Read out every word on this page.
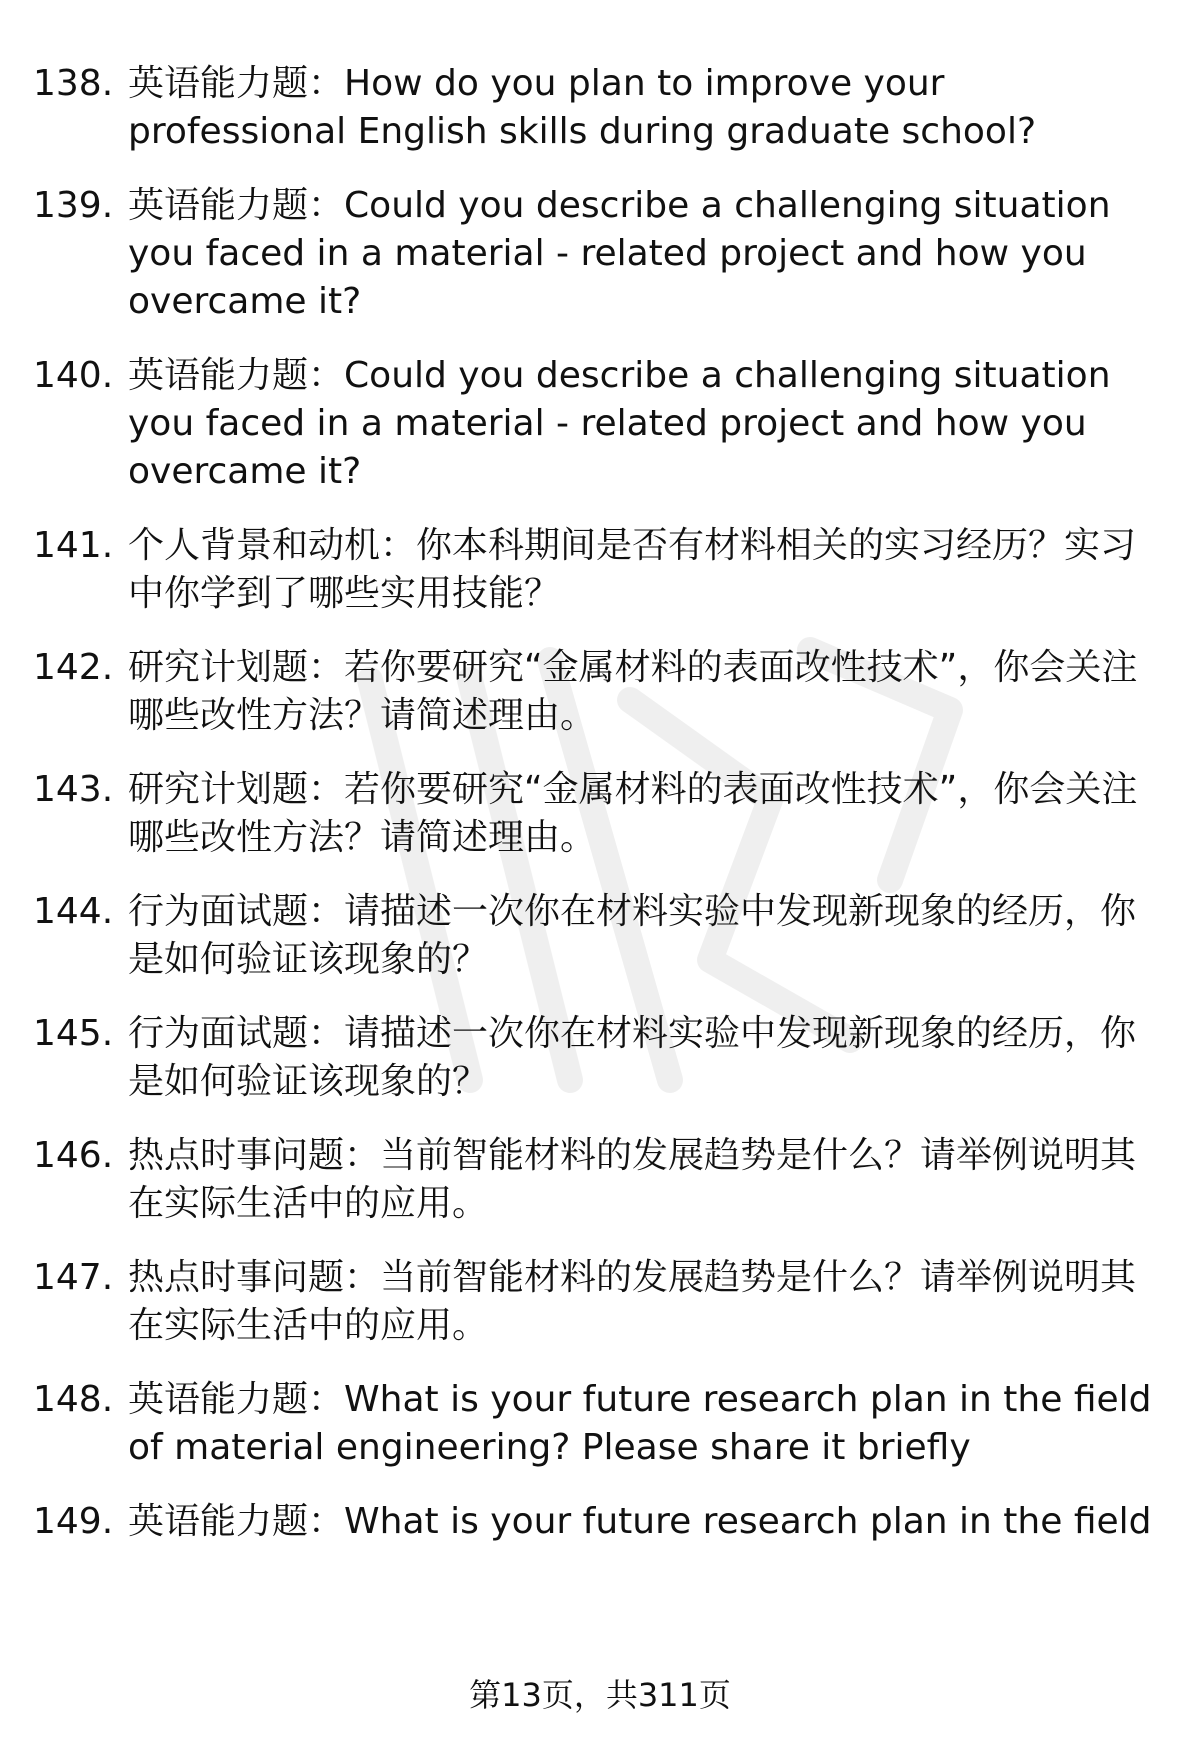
138. 英语能力题：How do you plan to improve your professional English skills during graduate school?
139. 英语能力题：Could you describe a challenging situation you faced in a material - related project and how you overcame it?
140. 英语能力题：Could you describe a challenging situation you faced in a material - related project and how you overcame it?
141. 个人背景和动机：你本科期间是否有材料相关的实习经历？实习中你学到了哪些实用技能？
142. 研究计划题：若你要研究“金属材料的表面改性技术”，你会关注哪些改性方法？请简述理由。
143. 研究计划题：若你要研究“金属材料的表面改性技术”，你会关注哪些改性方法？请简述理由。
144. 行为面试题：请描述一次你在材料实验中发现新现象的经历，你是如何验证该现象的？
145. 行为面试题：请描述一次你在材料实验中发现新现象的经历，你是如何验证该现象的？
146. 热点时事问题：当前智能材料的发展趋势是什么？请举例说明其在实际生活中的应用。
147. 热点时事问题：当前智能材料的发展趋势是什么？请举例说明其在实际生活中的应用。
148. 英语能力题：What is your future research plan in the field of material engineering? Please share it briefly
149. 英语能力题：What is your future research plan in the field
第13页，共311页
